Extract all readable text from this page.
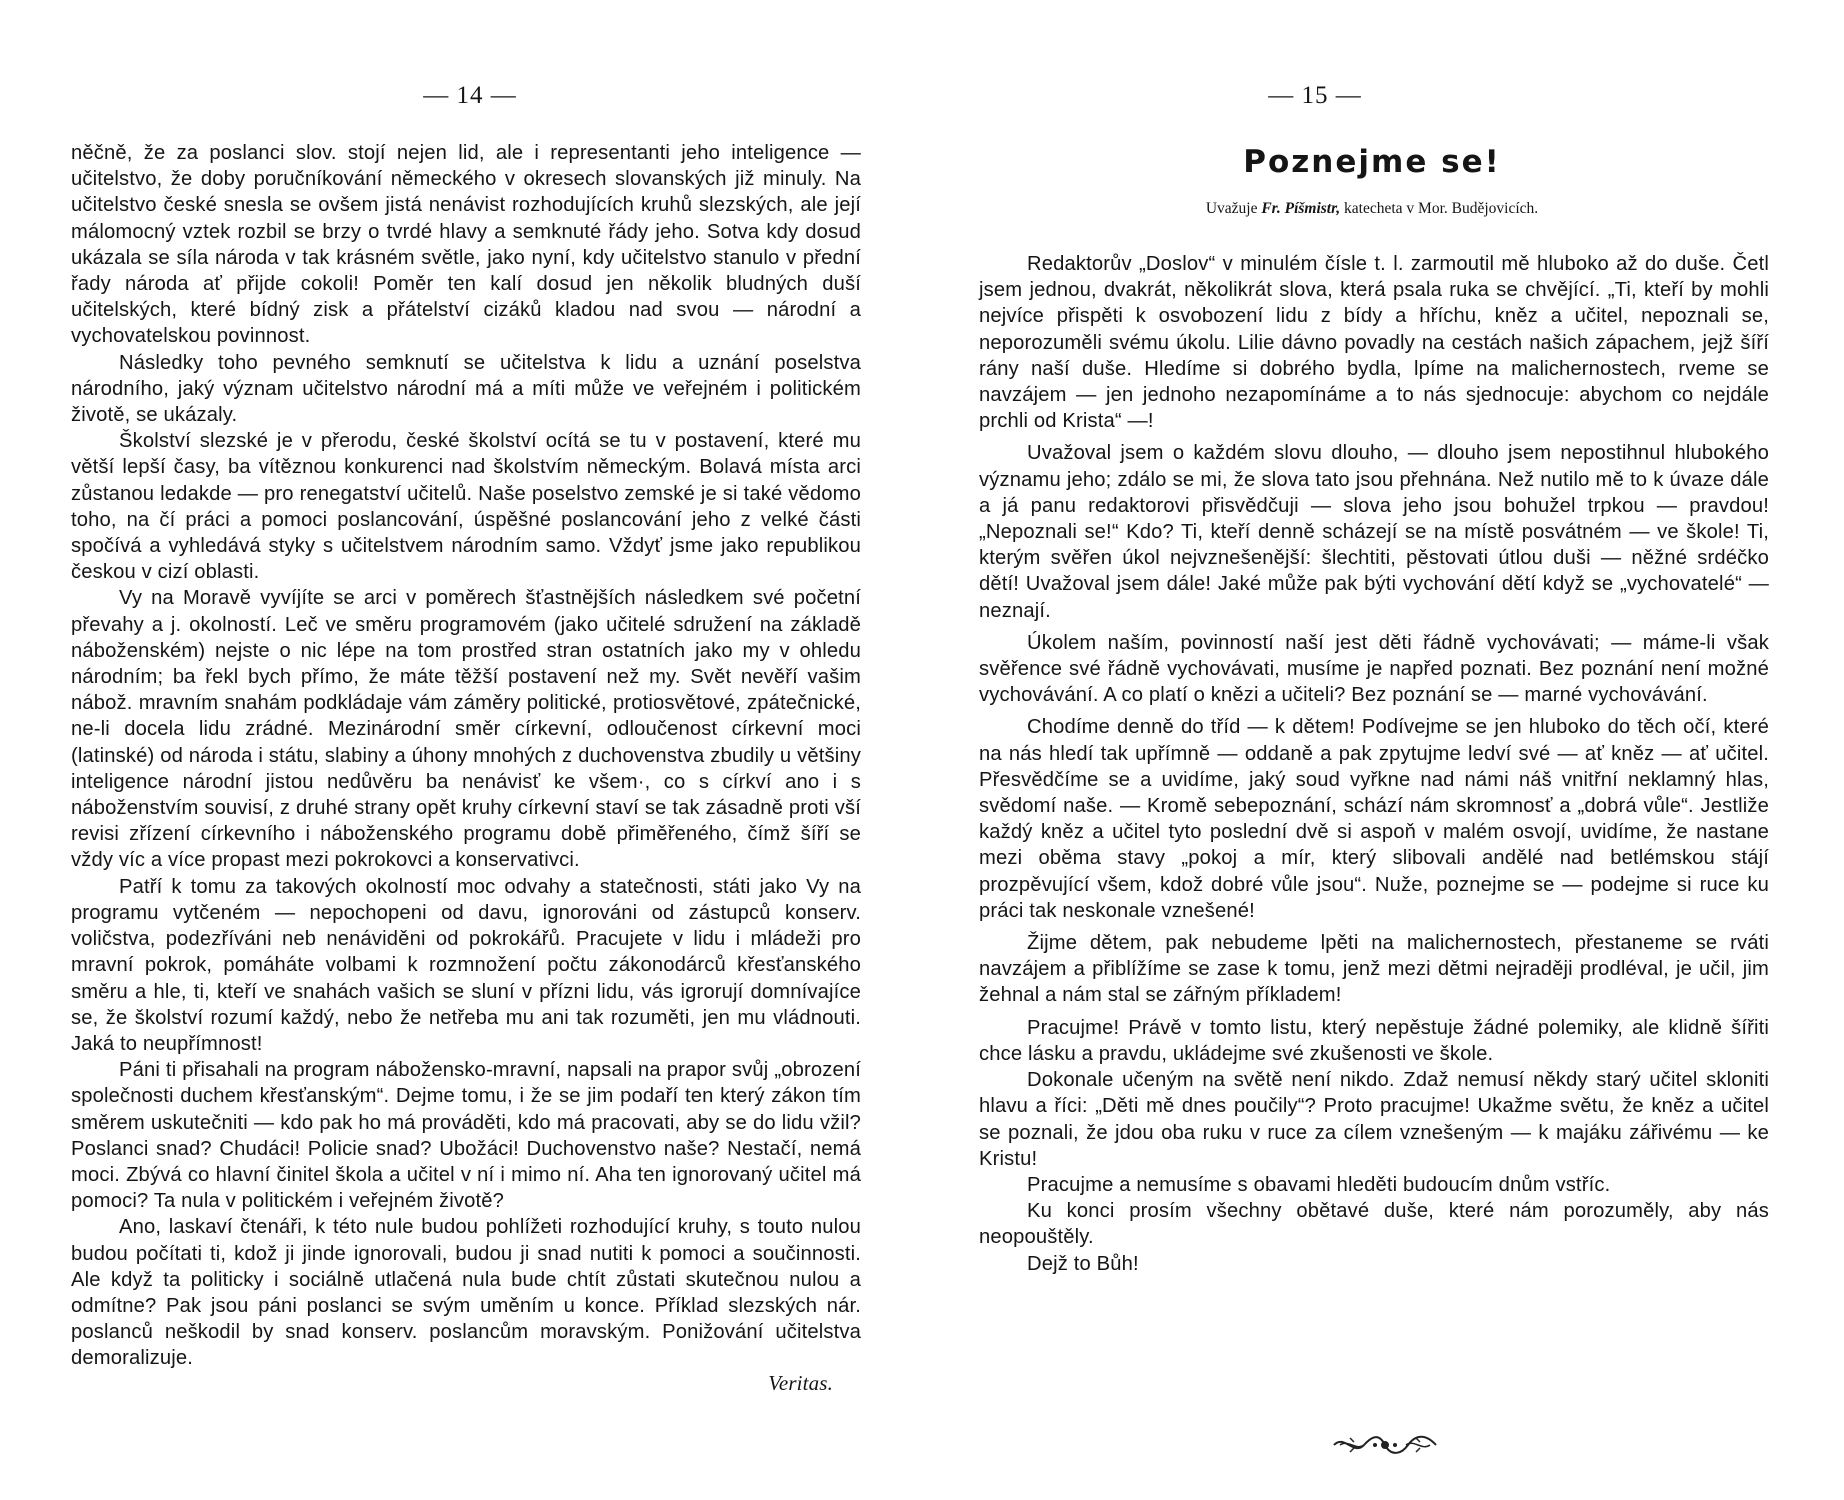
— 14 —

něčně, že za poslanci slov. stojí nejen lid, ale i representanti jeho inteligence — učitelstvo, že doby poručníkování německého v okresech slovanských již minuly. Na učitelstvo české snesla se ovšem jistá nenávist rozhodujících kruhů slezských, ale její málomocný vztek rozbil se brzy o tvrdé hlavy a semknuté řády jeho. Sotva kdy dosud ukázala se síla národa v tak krásném světle, jako nyní, kdy učitelstvo stanulo v přední řady národa ať přijde cokoli! Poměr ten kalí dosud jen několik bludných duší učitelských, které bídný zisk a přátelství cizáků kladou nad svou — národní a vychovatelskou povinnost.

Následky toho pevného semknutí se učitelstva k lidu a uznání poselstva národního, jaký význam učitelstvo národní má a míti může ve veřejném i politickém životě, se ukázaly.

Školství slezské je v přerodu, české školství ocítá se tu v postavení, které mu větší lepší časy, ba vítěznou konkurenci nad školstvím německým. Bolavá místa arci zůstanou ledakde — pro renegatství učitelů. Naše poselstvo zemské je si také vědomo toho, na čí práci a pomoci poslancování, úspěšné poslancování jeho z velké části spočívá a vyhledává styky s učitelstvem národním samo. Vždyť jsme jako republikou českou v cizí oblasti.

Vy na Moravě vyvíjíte se arci v poměrech šťastnějších následkem své početní převahy a j. okolností. Leč ve směru programovém (jako učitelé sdružení na základě náboženském) nejste o nic lépe na tom prostřed stran ostatních jako my v ohledu národním; ba řekl bych přímo, že máte těžší postavení než my. Svět nevěří vašim nábož. mravním snahám podkládaje vám záměry politické, protiosvětové, zpátečnické, ne-li docela lidu zrádné. Mezinárodní směr církevní, odloučenost církevní moci (latinské) od národa i státu, slabiny a úhony mnohých z duchovenstva zbudily u většiny inteligence národní jistou nedůvěru ba nenávisť ke všem·, co s církví ano i s náboženstvím souvisí, z druhé strany opět kruhy církevní staví se tak zásadně proti vší revisi zřízení církevního i náboženského programu době přiměřeného, čímž šíří se vždy víc a více propast mezi pokrokovci a konservativci.

Patří k tomu za takových okolností moc odvahy a statečnosti, státi jako Vy na programu vytčeném — nepochopeni od davu, ignorováni od zástupců konserv. voličstva, podezříváni neb nenáviděni od pokrokářů. Pracujete v lidu i mládeži pro mravní pokrok, pomáháte volbami k rozmnožení počtu zákonodárců křesťanského směru a hle, ti, kteří ve snahách vašich se sluní v přízni lidu, vás igrorují domnívajíce se, že školství rozumí každý, nebo že netřeba mu ani tak rozuměti, jen mu vládnouti. Jaká to neupřímnost!

Páni ti přisahali na program nábožensko-mravní, napsali na prapor svůj „obrození společnosti duchem křesťanským“. Dejme tomu, i že se jim podaří ten který zákon tím směrem uskutečniti — kdo pak ho má prováděti, kdo má pracovati, aby se do lidu vžil? Poslanci snad? Chudáci! Policie snad? Ubožáci! Duchovenstvo naše? Nestačí, nemá moci. Zbývá co hlavní činitel škola a učitel v ní i mimo ní. Aha ten ignorovaný učitel má pomoci? Ta nula v politickém i veřejném životě?

Ano, laskaví čtenáři, k této nule budou pohlížeti rozhodující kruhy, s touto nulou budou počítati ti, kdož ji jinde ignorovali, budou ji snad nutiti k pomoci a součinnosti. Ale když ta politicky i sociálně utlačená nula bude chtít zůstati skutečnou nulou a odmítne? Pak jsou páni poslanci se svým uměním u konce. Příklad slezských nár. poslanců neškodil by snad konserv. poslancům moravským. Ponižování učitelstva demoralizuje.

Veritas.
— 15 —
Poznejme se!
Uvažuje Fr. Píšmistr, katecheta v Mor. Budějovicích.

Redaktorův „Doslov“ v minulém čísle t. l. zarmoutil mě hluboko až do duše. Četl jsem jednou, dvakrát, několikrát slova, která psala ruka se chvějící. „Ti, kteří by mohli nejvíce přispěti k osvobození lidu z bídy a hříchu, kněz a učitel, nepoznali se, neporozuměli svému úkolu. Lilie dávno povadly na cestách našich zápachem, jejž šíří rány naší duše. Hledíme si dobrého bydla, lpíme na malichernostech, rveme se navzájem — jen jednoho nezapomínáme a to nás sjednocuje: abychom co nejdále prchli od Krista“ —!

Uvažoval jsem o každém slovu dlouho, — dlouho jsem nepostihnul hlubokého významu jeho; zdálo se mi, že slova tato jsou přehnána. Než nutilo mě to k úvaze dále a já panu redaktorovi přisvědčuji — slova jeho jsou bohužel trpkou — pravdou! „Nepoznali se!“ Kdo? Ti, kteří denně scházejí se na místě posvátném — ve škole! Ti, kterým svěřen úkol nejvznešenější: šlechtiti, pěstovati útlou duši — něžné srdéčko dětí! Uvažoval jsem dále! Jaké může pak býti vychování dětí když se „vychovatelé“ — neznají.

Úkolem naším, povinností naší jest děti řádně vychovávati; — máme-li však svěřence své řádně vychovávati, musíme je napřed poznati. Bez poznání není možné vychovávání. A co platí o knězi a učiteli? Bez poznání se — marné vychovávání.

Chodíme denně do tříd — k dětem! Podívejme se jen hluboko do těch očí, které na nás hledí tak upřímně — oddaně a pak zpytujme ledví své — ať kněz — ať učitel. Přesvědčíme se a uvidíme, jaký soud vyřkne nad námi náš vnitřní neklamný hlas, svědomí naše. — Kromě sebepoznání, schází nám skromnosť a „dobrá vůle“. Jestliže každý kněz a učitel tyto poslední dvě si aspoň v malém osvojí, uvidíme, že nastane mezi oběma stavy „pokoj a mír, který slibovali andělé nad betlémskou stájí prozpěvující všem, kdož dobré vůle jsou“. Nuže, poznejme se — podejme si ruce ku práci tak neskonale vznešené!

Žijme dětem, pak nebudeme lpěti na malichernostech, přestaneme se rváti navzájem a přiblížíme se zase k tomu, jenž mezi dětmi nejraději prodléval, je učil, jim žehnal a nám stal se zářným příkladem!

Pracujme! Právě v tomto listu, který nepěstuje žádné polemiky, ale klidně šířiti chce lásku a pravdu, ukládejme své zkušenosti ve škole.

Dokonale učeným na světě není nikdo. Zdaž nemusí někdy starý učitel skloniti hlavu a říci: „Děti mě dnes poučily“? Proto pracujme! Ukažme světu, že kněz a učitel se poznali, že jdou oba ruku v ruce za cílem vznešeným — k majáku zářivému — ke Kristu!

Pracujme a nemusíme s obavami hleděti budoucím dnům vstříc.

Ku konci prosím všechny obětavé duše, které nám porozuměly, aby nás neopouštěly.

Dejž to Bůh!
